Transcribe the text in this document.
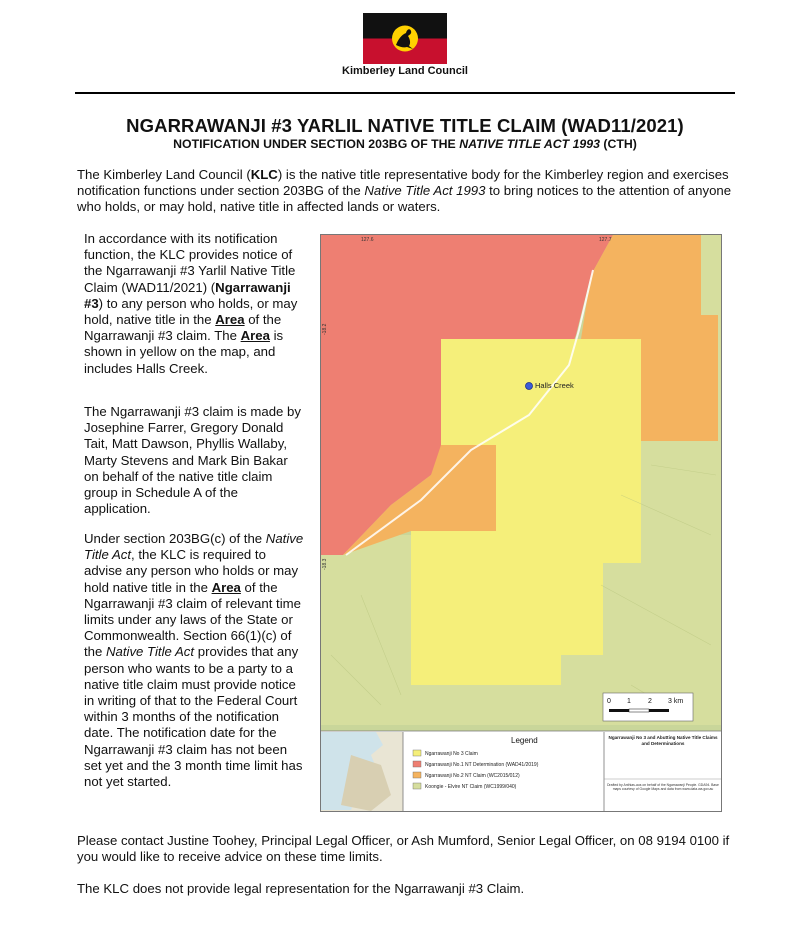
Kimberley Land Council
NGARRAWANJI #3 YARLIL NATIVE TITLE CLAIM (WAD11/2021)
NOTIFICATION UNDER SECTION 203BG OF THE NATIVE TITLE ACT 1993 (CTH)

The Kimberley Land Council (KLC) is the native title representative body for the Kimberley region and exercises notification functions under section 203BG of the Native Title Act 1993 to bring notices to the attention of anyone who holds, or may hold, native title in affected lands or waters.

In accordance with its notification function, the KLC provides notice of the Ngarrawanji #3 Yarlil Native Title Claim (WAD11/2021) (Ngarrawanji #3) to any person who holds, or may hold, native title in the Area of the Ngarrawanji #3 claim. The Area is shown in yellow on the map, and includes Halls Creek.

The Ngarrawanji #3 claim is made by Josephine Farrer, Gregory Donald Tait, Matt Dawson, Phyllis Wallaby, Marty Stevens and Mark Bin Bakar on behalf of the native title claim group in Schedule A of the application.

Under section 203BG(c) of the Native Title Act, the KLC is required to advise any person who holds or may hold native title in the Area of the Ngarrawanji #3 claim of relevant time limits under any laws of the State or Commonwealth. Section 66(1)(c) of the Native Title Act provides that any person who wants to be a party to a native title claim must provide notice in writing of that to the Federal Court within 3 months of the notification date. The notification date for the Ngarrawanji #3 claim has not been set yet and the 3 month time limit has not yet started.

Halls Creek
127.6	127.7
-18.2
-18.3
0 1 2 3 km
Legend
Ngarrawanji No 3 Claim
Ngarrawanji No.1 NT Determination (WAD41/2019)
Ngarrawanji No.2 NT Claim (WC2015/012)
Koongie - Elvire NT Claim (WC1999/040)
Ngarrawanji No 3 and Abutting Native Title Claims and Determinations
Drafted by Anthias-aus on behalf of the Ngarrawanji People. GDA94. Base maps courtesy of Google Maps and data from www.data.wa.gov.au

Please contact Justine Toohey, Principal Legal Officer, or Ash Mumford, Senior Legal Officer, on 08 9194 0100 if you would like to receive advice on these time limits.

The KLC does not provide legal representation for the Ngarrawanji #3 Claim.
